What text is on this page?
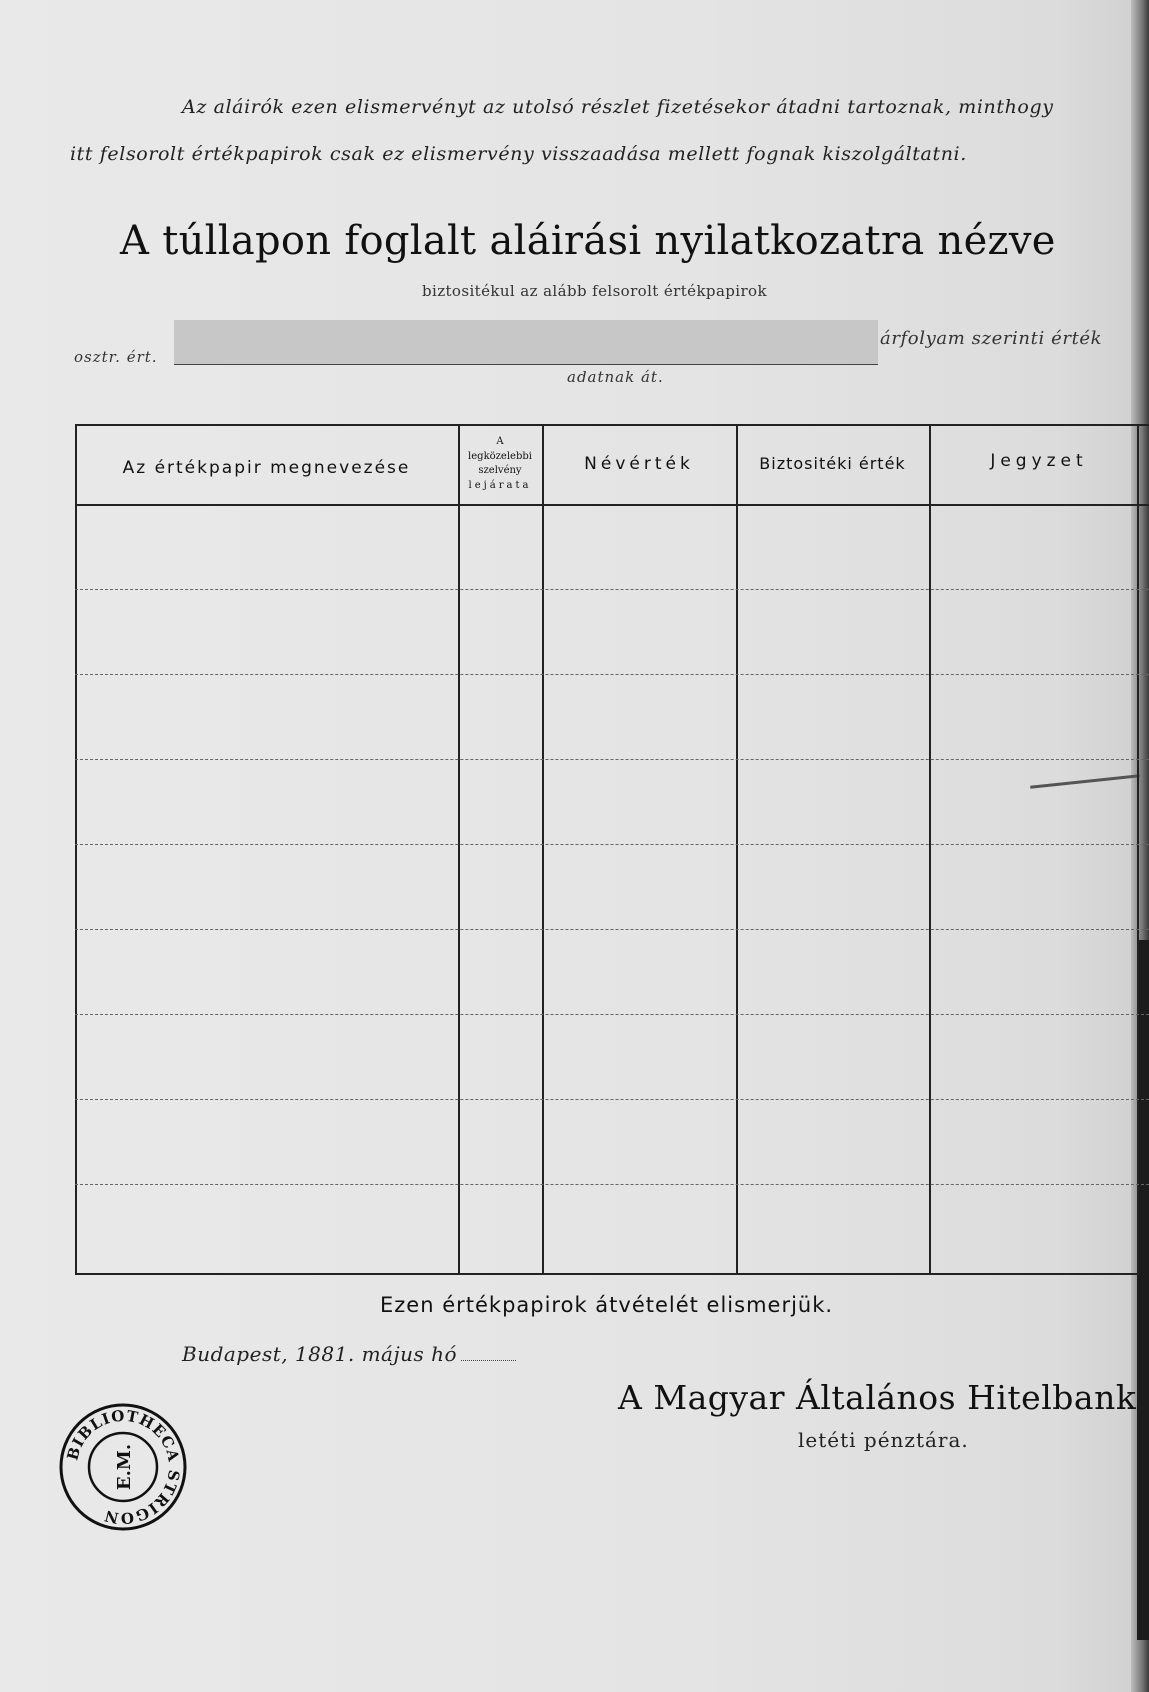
Az aláirók ezen elismervényt az utolsó részlet fizetésekor átadni tartoznak, minthogy
itt felsorolt értékpapirok csak ez elismervény visszaadása mellett fognak kiszolgáltatni.
A túllapon foglalt aláirási nyilatkozatra nézve
biztositékul az alább felsorolt értékpapirok
osztr. ért.
árfolyam szerinti érték
adatnak át.
Az értékpapir megnevezése
A
legközelebbi
szelvény
lejárata
Névérték	Biztositéki érték	Jegyzet
Ezen értékpapirok átvételét elismerjük.
Budapest, 1881. május hó
A Magyar Általános Hitelbank
letéti pénztára.
BIBLIOTHECA STRIGON
E.M.
